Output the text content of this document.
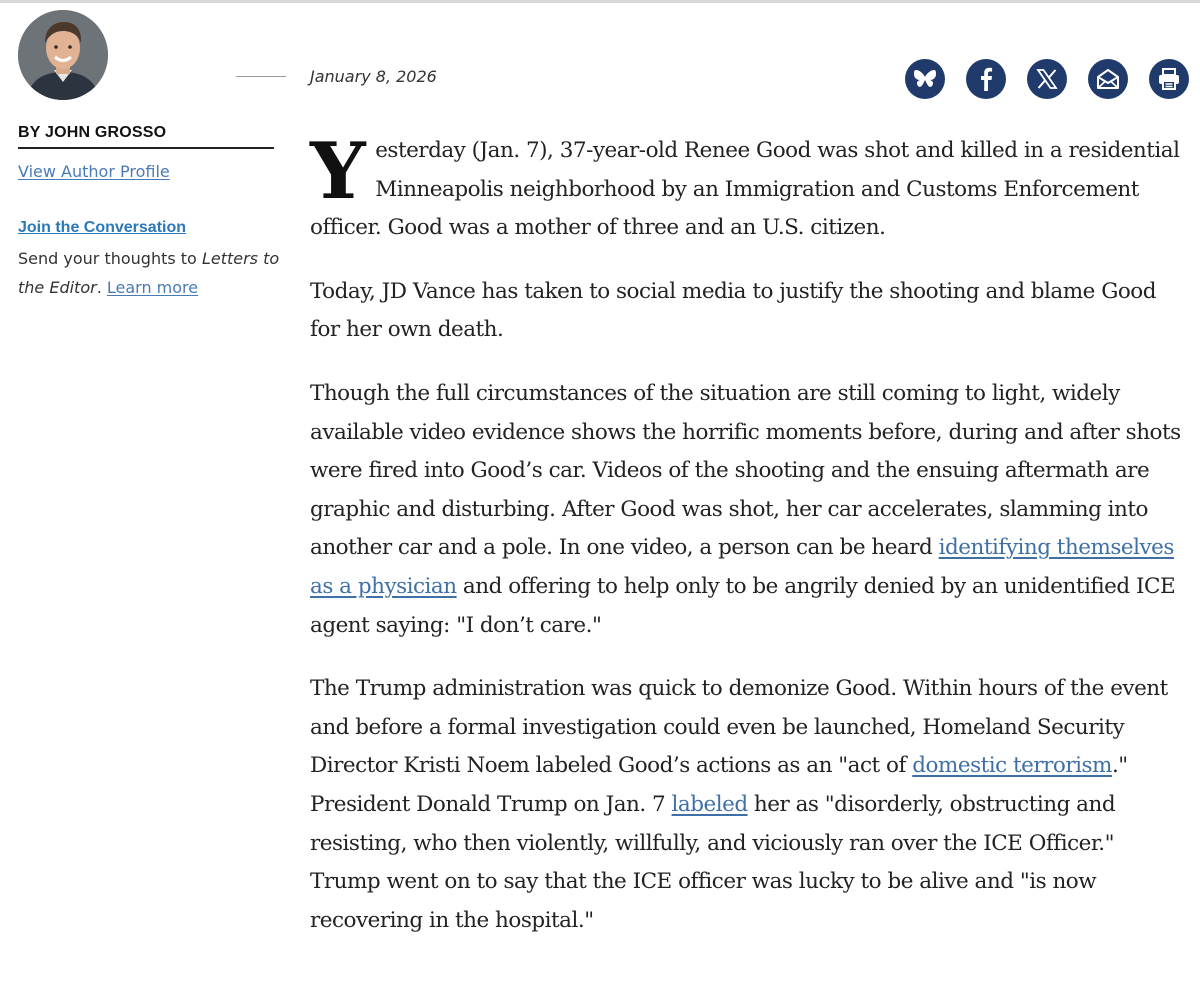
BY JOHN GROSSO
View Author Profile
Join the Conversation
Send your thoughts to Letters to the Editor. Learn more
January 8, 2026

Yesterday (Jan. 7), 37-year-old Renee Good was shot and killed in a residential Minneapolis neighborhood by an Immigration and Customs Enforcement officer. Good was a mother of three and an U.S. citizen.

Today, JD Vance has taken to social media to justify the shooting and blame Good for her own death.

Though the full circumstances of the situation are still coming to light, widely available video evidence shows the horrific moments before, during and after shots were fired into Good’s car. Videos of the shooting and the ensuing aftermath are graphic and disturbing. After Good was shot, her car accelerates, slamming into another car and a pole. In one video, a person can be heard identifying themselves as a physician and offering to help only to be angrily denied by an unidentified ICE agent saying: "I don’t care."

The Trump administration was quick to demonize Good. Within hours of the event and before a formal investigation could even be launched, Homeland Security Director Kristi Noem labeled Good’s actions as an "act of domestic terrorism." President Donald Trump on Jan. 7 labeled her as "disorderly, obstructing and resisting, who then violently, willfully, and viciously ran over the ICE Officer." Trump went on to say that the ICE officer was lucky to be alive and "is now recovering in the hospital."
